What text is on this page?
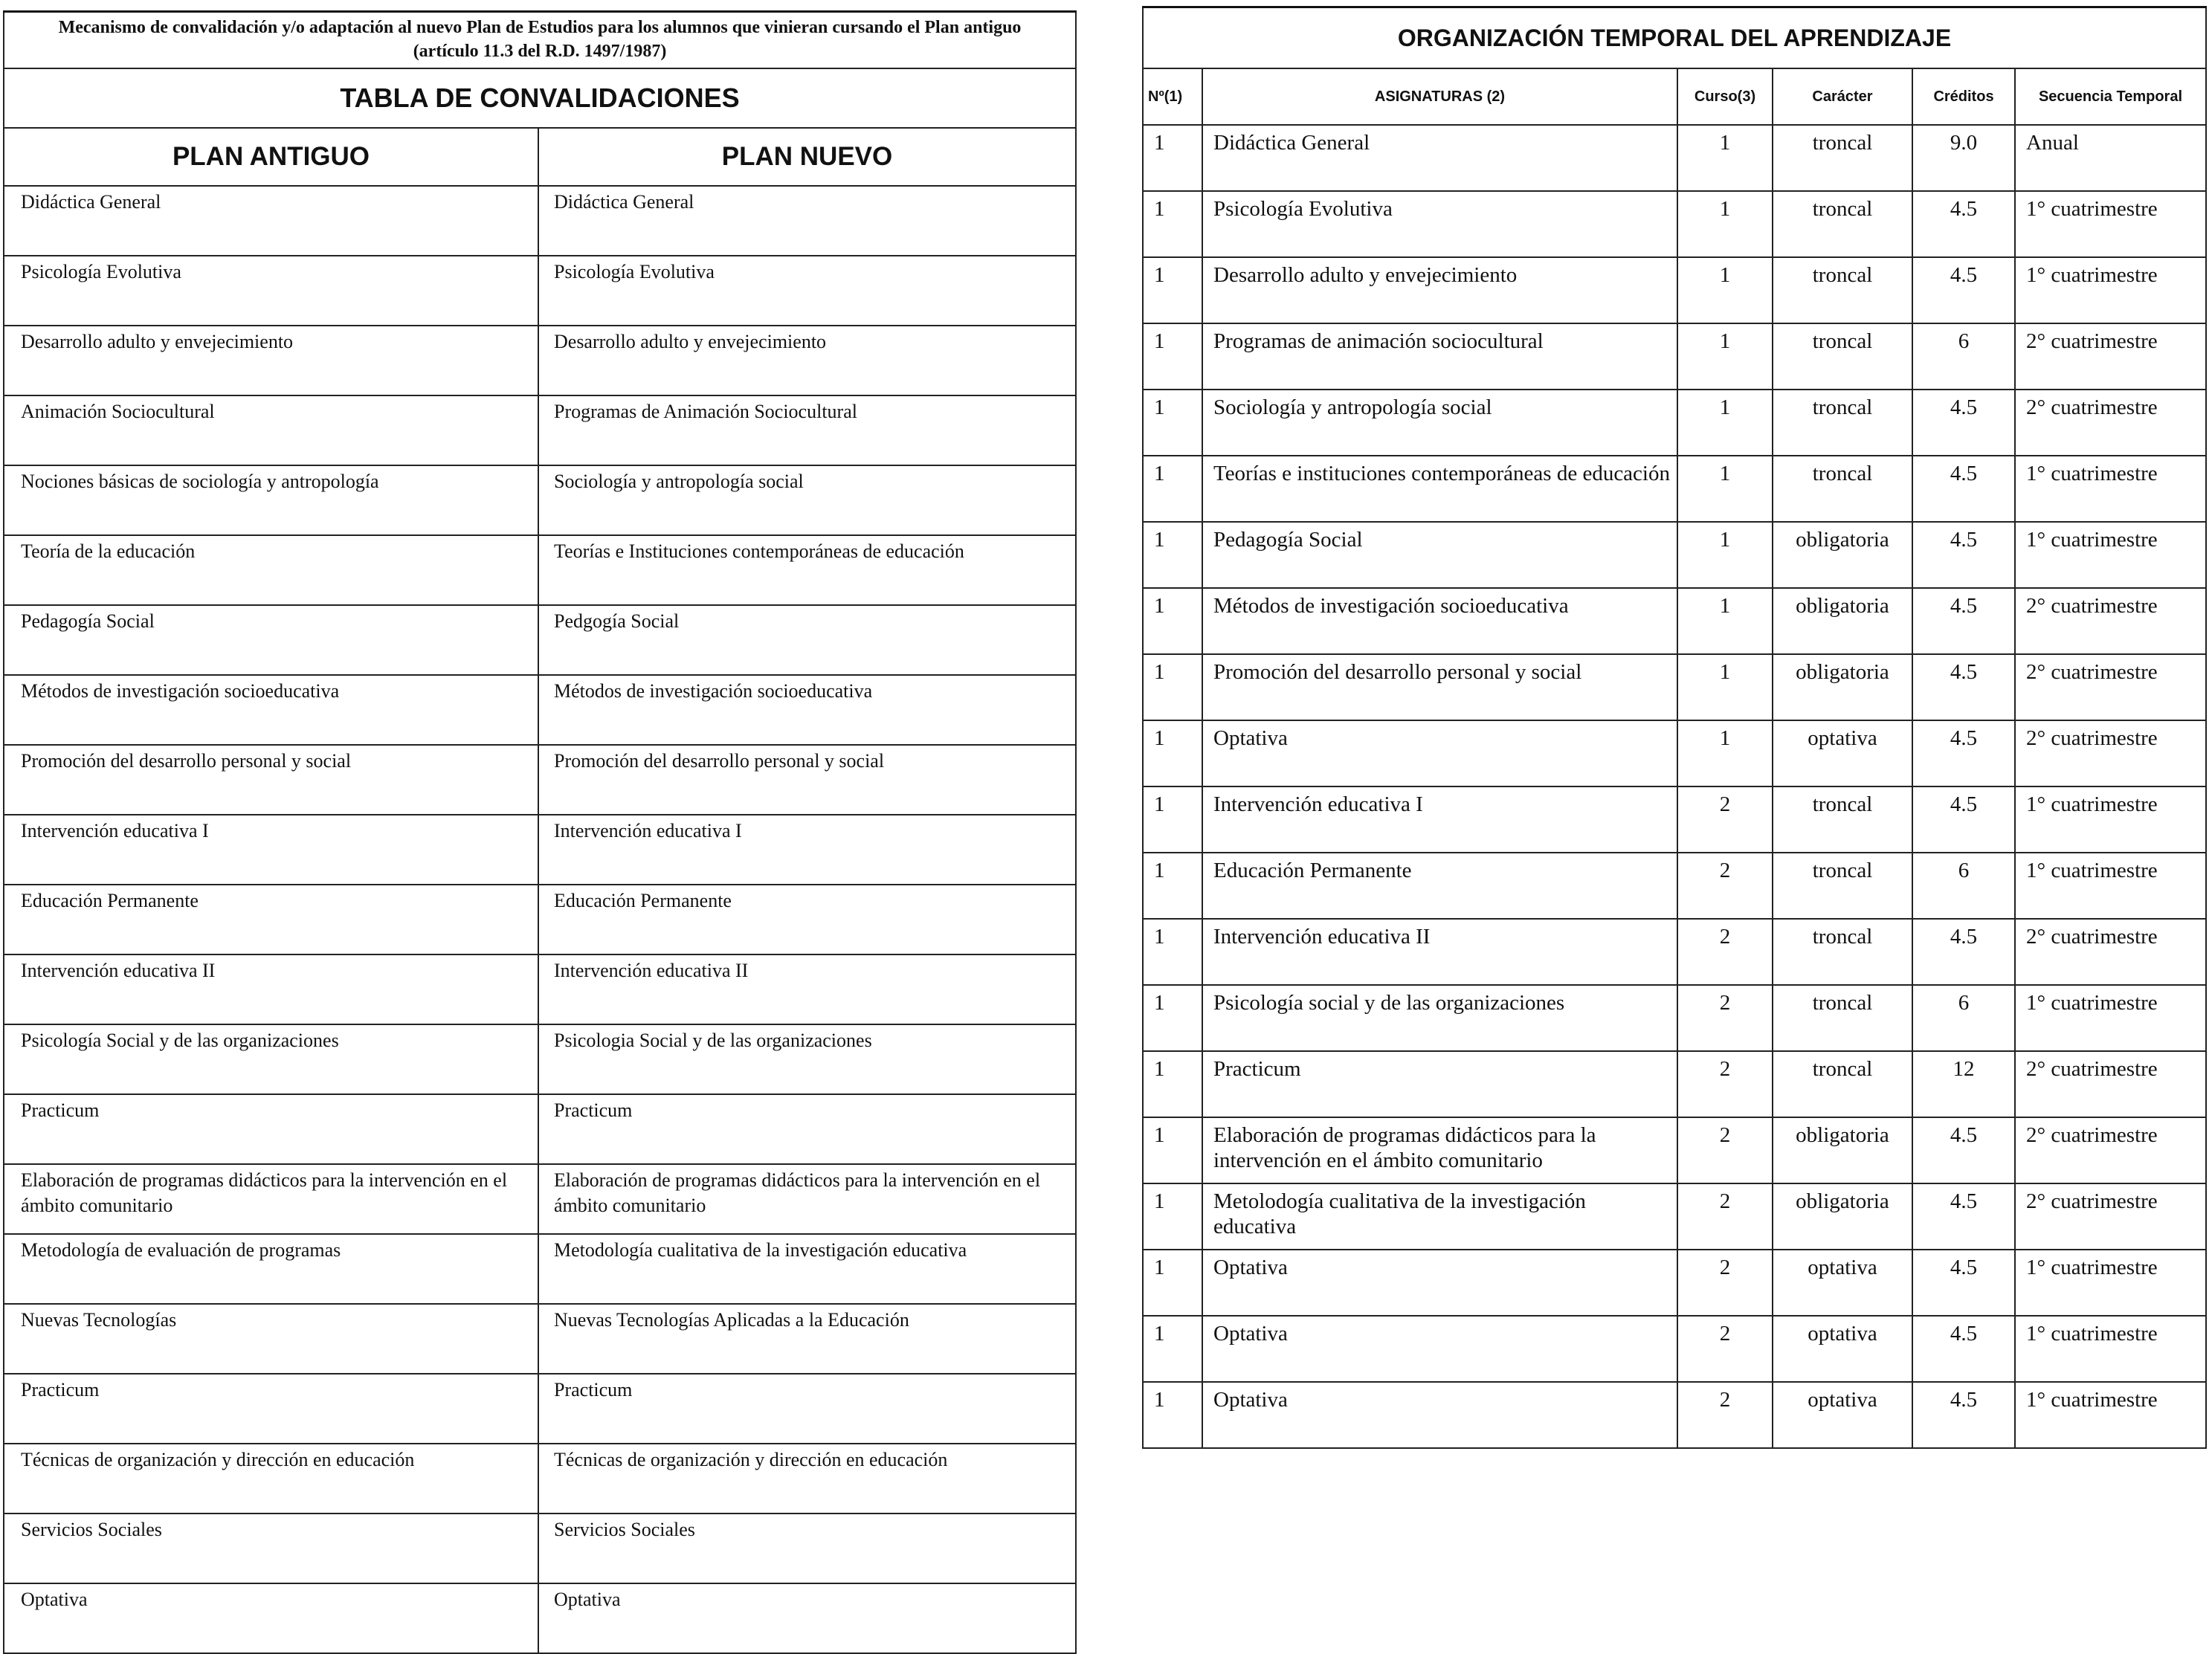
Mecanismo de convalidación y/o adaptación al nuevo Plan de Estudios para los alumnos que vinieran cursando el Plan antiguo (artículo 11.3 del R.D. 1497/1987)	
TABLA DE CONVALIDACIONES	
PLAN ANTIGUO	PLAN NUEVO
Didáctica General	Didáctica General
Psicología Evolutiva	Psicología Evolutiva
Desarrollo adulto y envejecimiento	Desarrollo adulto y envejecimiento
Animación Sociocultural	Programas de Animación Sociocultural
Nociones básicas de sociología y antropología	Sociología y antropología social
Teoría de la educación	Teorías e Instituciones contemporáneas de educación
Pedagogía Social	Pedgogía Social
Métodos de investigación socioeducativa	Métodos de investigación socioeducativa
Promoción del desarrollo personal y social	Promoción del desarrollo personal y social
Intervención educativa I	Intervención educativa I
Educación Permanente	Educación Permanente
Intervención educativa II	Intervención educativa II
Psicología Social y de las organizaciones	Psicologia Social y de las organizaciones
Practicum	Practicum
Elaboración de programas didácticos para la intervención en el ámbito comunitario	Elaboración de programas didácticos para la intervención en el ámbito comunitario
Metodología de evaluación de programas	Metodología cualitativa de la investigación educativa
Nuevas Tecnologías	Nuevas Tecnologías Aplicadas a la Educación
Practicum	Practicum
Técnicas de organización y dirección en educación	Técnicas de organización y dirección en educación
Servicios Sociales	Servicios Sociales
Optativa	Optativa
ORGANIZACIÓN TEMPORAL DEL APRENDIZAJE					
Nº(1)	ASIGNATURAS (2)	Curso(3)	Carácter	Créditos	Secuencia Temporal
1	Didáctica General	1	troncal	9.0	Anual
1	Psicología Evolutiva	1	troncal	4.5	1° cuatrimestre
1	Desarrollo adulto y envejecimiento	1	troncal	4.5	1° cuatrimestre
1	Programas de animación sociocultural	1	troncal	6	2° cuatrimestre
1	Sociología y antropología social	1	troncal	4.5	2° cuatrimestre
1	Teorías e instituciones contemporáneas de educación	1	troncal	4.5	1° cuatrimestre
1	Pedagogía Social	1	obligatoria	4.5	1° cuatrimestre
1	Métodos de investigación socioeducativa	1	obligatoria	4.5	2° cuatrimestre
1	Promoción del desarrollo personal y social	1	obligatoria	4.5	2° cuatrimestre
1	Optativa	1	optativa	4.5	2° cuatrimestre
1	Intervención educativa I	2	troncal	4.5	1° cuatrimestre
1	Educación Permanente	2	troncal	6	1° cuatrimestre
1	Intervención educativa II	2	troncal	4.5	2° cuatrimestre
1	Psicología social y de las organizaciones	2	troncal	6	1° cuatrimestre
1	Practicum	2	troncal	12	2° cuatrimestre
1	Elaboración de programas didácticos para la intervención en el ámbito comunitario	2	obligatoria	4.5	2° cuatrimestre
1	Metolodogía cualitativa de la investigación educativa	2	obligatoria	4.5	2° cuatrimestre
1	Optativa	2	optativa	4.5	1° cuatrimestre
1	Optativa	2	optativa	4.5	1° cuatrimestre
1	Optativa	2	optativa	4.5	1° cuatrimestre
